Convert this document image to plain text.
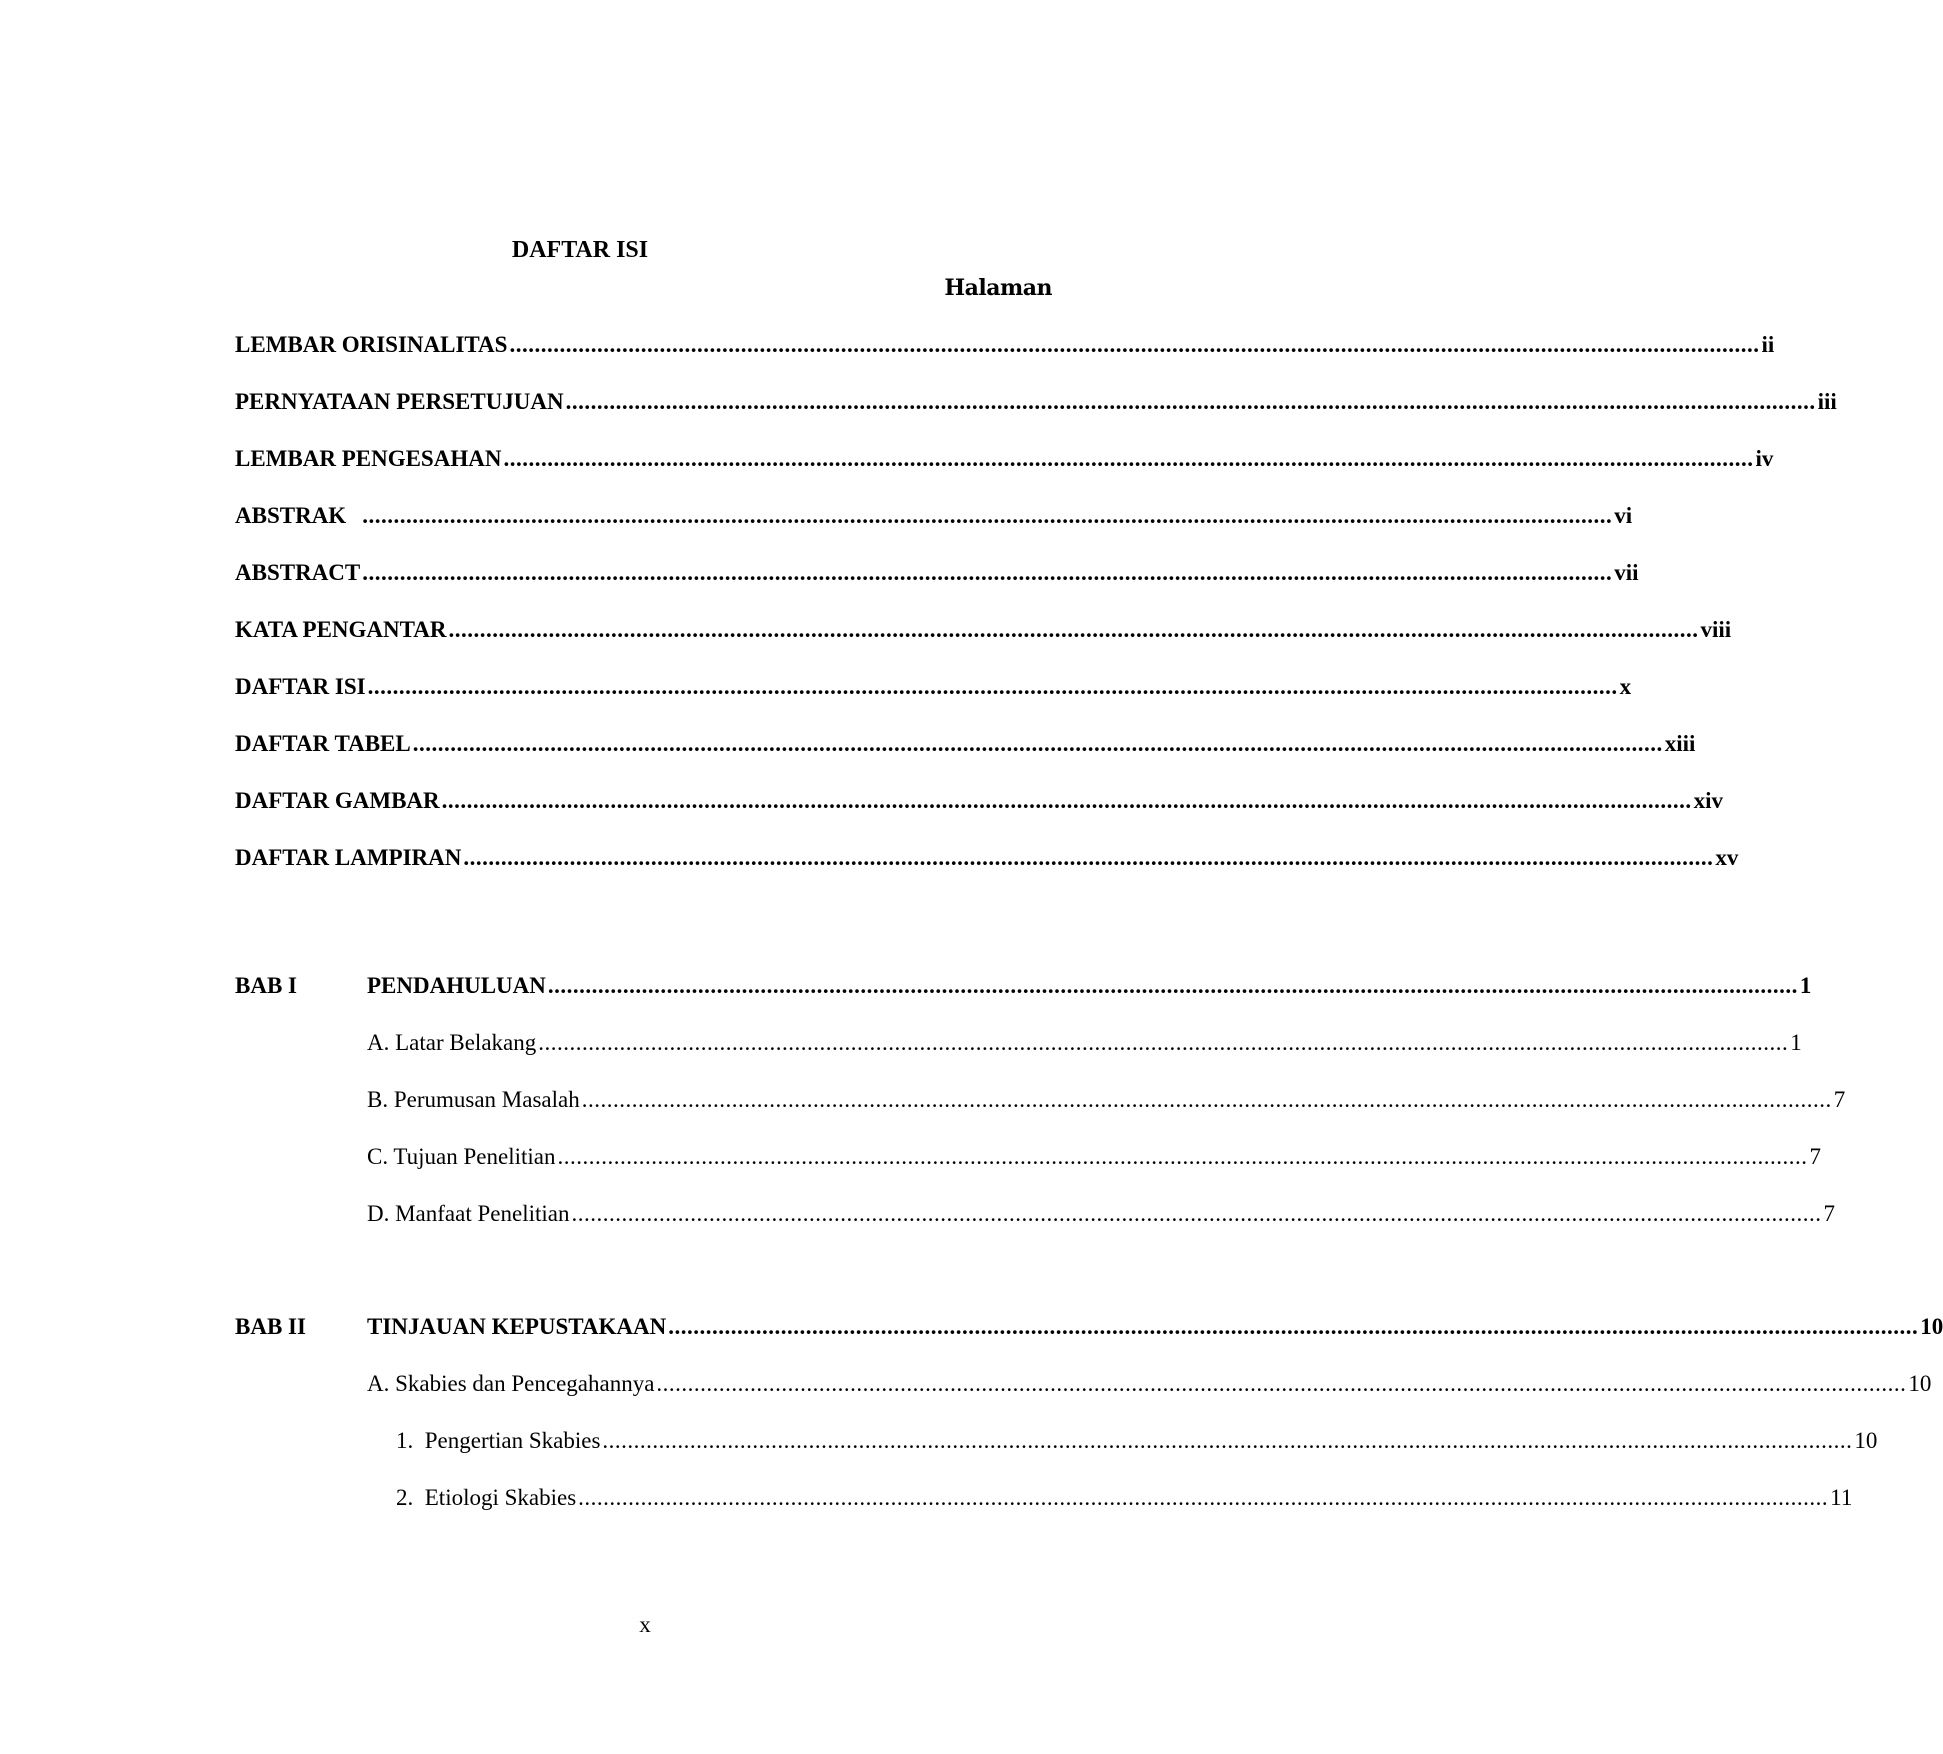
DAFTAR ISI
Halaman
LEMBAR ORISINALITAS ........................................................................................................................................................................................................ ii
PERNYATAAN PERSETUJUAN ........................................................................................................................................................................................................ iii
LEMBAR PENGESAHAN ........................................................................................................................................................................................................ iv
ABSTRAK ........................................................................................................................................................................................................ vi
ABSTRACT ........................................................................................................................................................................................................ vii
KATA PENGANTAR ........................................................................................................................................................................................................ viii
DAFTAR ISI ........................................................................................................................................................................................................ x
DAFTAR TABEL ........................................................................................................................................................................................................ xiii
DAFTAR GAMBAR ........................................................................................................................................................................................................ xiv
DAFTAR LAMPIRAN ........................................................................................................................................................................................................ xv
BAB I	PENDAHULUAN ........................................................................................................................................................................................................ 1
A. Latar Belakang ........................................................................................................................................................................................................ 1
B. Perumusan Masalah ........................................................................................................................................................................................................ 7
C. Tujuan Penelitian ........................................................................................................................................................................................................ 7
D. Manfaat Penelitian ........................................................................................................................................................................................................ 7
BAB II	TINJAUAN KEPUSTAKAAN ........................................................................................................................................................................................................ 10
A. Skabies dan Pencegahannya ........................................................................................................................................................................................................ 10
1.  Pengertian Skabies ........................................................................................................................................................................................................ 10
2.  Etiologi Skabies ........................................................................................................................................................................................................ 11
x
